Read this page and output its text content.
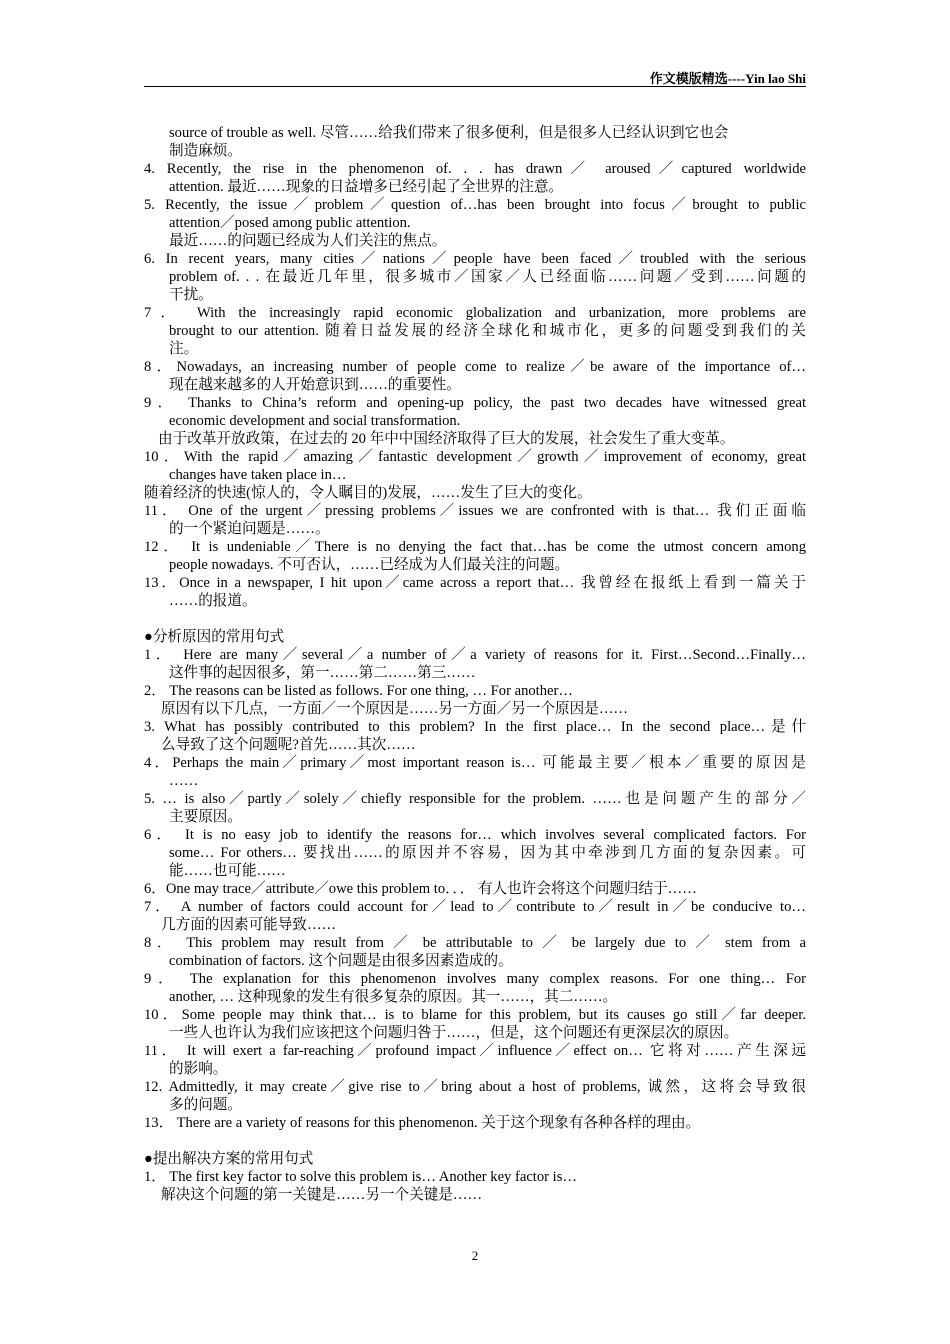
作文模版精选----Yin lao Shi
source of trouble as well. 尽管……给我们带来了很多便利，但是很多人已经认识到它也会
制造麻烦。
4. Recently, the rise in the phenomenon of. . . has drawn／ aroused／captured worldwide
attention. 最近……现象的日益增多已经引起了全世界的注意。
5. Recently, the issue／problem／question of…has been brought into focus／brought to public
attention／posed among public attention.
最近……的问题已经成为人们关注的焦点。
6. In recent years, many cities／nations／people have been faced／troubled with the serious
problem of. . . 在最近几年里，很多城市／国家／人已经面临……问题／受到……问题的
干扰。
7． With the increasingly rapid economic globalization and urbanization, more problems are
brought to our attention. 随着日益发展的经济全球化和城市化，更多的问题受到我们的关
注。
8．Nowadays, an increasing number of people come to realize／be aware of the importance of…
现在越来越多的人开始意识到……的重要性。
9． Thanks to China’s reform and opening-up policy, the past two decades have witnessed great
economic development and social transformation.
由于改革开放政策，在过去的 20 年中中国经济取得了巨大的发展，社会发生了重大变革。
10．With the rapid／amazing／fantastic development／growth／improvement of economy, great
changes have taken place in…
随着经济的快速(惊人的，令人瞩目的)发展，……发生了巨大的变化。
11． One of the urgent／pressing problems／issues we are confronted with is that… 我们正面临
的一个紧迫问题是……。
12． It is undeniable／There is no denying the fact that…has be come the utmost concern among
people nowadays. 不可否认，……已经成为人们最关注的问题。
13．Once in a newspaper, I hit upon／came across a report that… 我曾经在报纸上看到一篇关于
……的报道。
●分析原因的常用句式
1． Here are many／several／a number of／a variety of reasons for it. First…Second…Finally…
这件事的起因很多，第一……第二……第三……
2． The reasons can be listed as follows. For one thing, … For another…
原因有以下几点，一方面／一个原因是……另一方面／另一个原因是……
3. What has possibly contributed to this problem? In the first place… In the second place…是什
么导致了这个问题呢?首先……其次……
4．Perhaps the main／primary／most important reason is… 可能最主要／根本／重要的原因是
……
5. … is also／partly／solely／chiefly responsible for the problem. ……也是问题产生的部分／
主要原因。
6． It is no easy job to identify the reasons for… which involves several complicated factors. For
some… For others… 要找出……的原因并不容易，因为其中牵涉到几方面的复杂因素。可
能……也可能……
6．One may trace／attribute／owe this problem to．．． 有人也许会将这个问题归结于……
7． A number of factors could account for／lead to／contribute to／result in／be conducive to…
几方面的因素可能导致……
8． This problem may result from ／ be attributable to ／ be largely due to ／ stem from a
combination of factors. 这个问题是由很多因素造成的。
9． The explanation for this phenomenon involves many complex reasons. For one thing… For
another, … 这种现象的发生有很多复杂的原因。其一……，其二……。
10．Some people may think that… is to blame for this problem, but its causes go still／far deeper.
一些人也许认为我们应该把这个问题归咎于……，但是，这个问题还有更深层次的原因。
11． It will exert a far-reaching／profound impact／influence／effect on… 它将对……产生深远
的影响。
12. Admittedly, it may create／give rise to／bring about a host of problems, 诚然，这将会导致很
多的问题。
13． There are a variety of reasons for this phenomenon. 关于这个现象有各种各样的理由。
●提出解决方案的常用句式
1． The first key factor to solve this problem is… Another key factor is…
解决这个问题的第一关键是……另一个关键是……
2
